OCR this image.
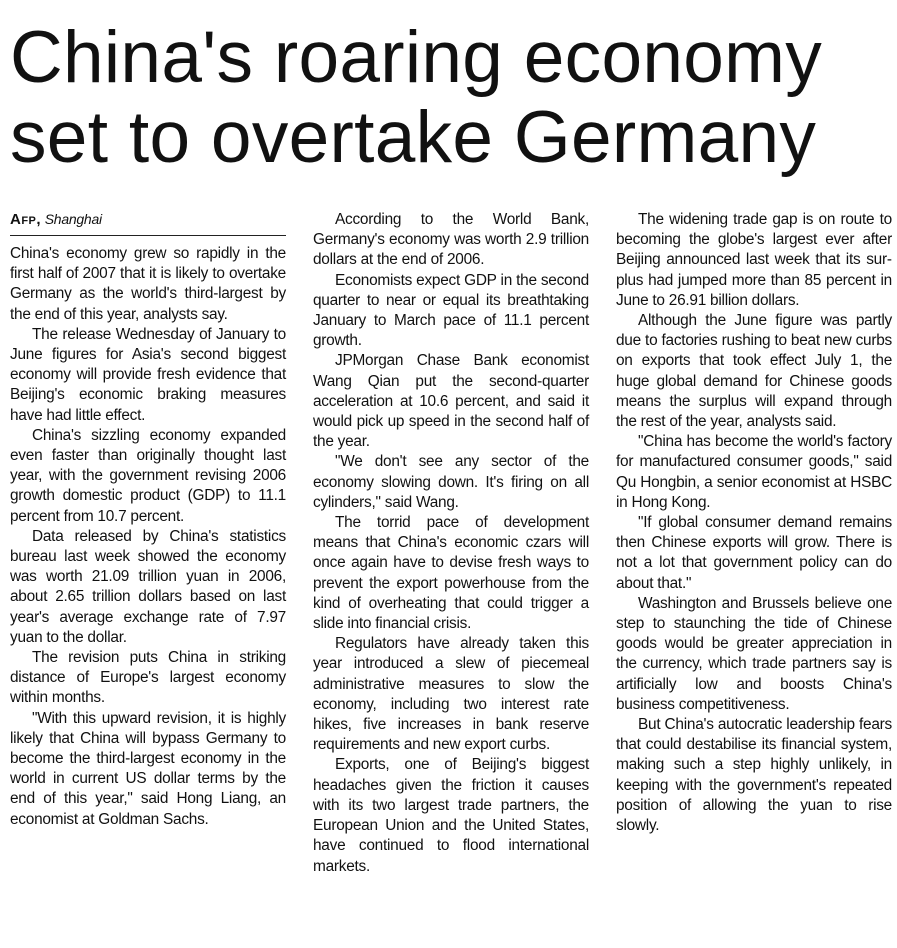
China's roaring economy
set to overtake Germany
Afp, Shanghai

China's economy grew so rapidly in the first half of 2007 that it is likely to overtake Germany as the world's third-largest by the end of this year, analysts say.

The release Wednesday of January to June figures for Asia's second biggest economy will provide fresh evidence that Beijing's economic braking measures have had little effect.

China's sizzling economy expanded even faster than originally thought last year, with the government revising 2006 growth domestic product (GDP) to 11.1 percent from 10.7 percent.

Data released by China's statistics bureau last week showed the economy was worth 21.09 trillion yuan in 2006, about 2.65 trillion dollars based on last year's average exchange rate of 7.97 yuan to the dollar.

The revision puts China in striking distance of Europe's largest economy within months.

"With this upward revision, it is highly likely that China will bypass Germany to become the third-largest economy in the world in current US dollar terms by the end of this year," said Hong Liang, an economist at Goldman Sachs.

According to the World Bank, Germany's economy was worth 2.9 trillion dollars at the end of 2006.

Economists expect GDP in the second quarter to near or equal its breathtaking January to March pace of 11.1 percent growth.

JPMorgan Chase Bank economist Wang Qian put the second-quarter acceleration at 10.6 percent, and said it would pick up speed in the second half of the year.

"We don't see any sector of the economy slowing down. It's firing on all cylinders," said Wang.

The torrid pace of development means that China's economic czars will once again have to devise fresh ways to prevent the export powerhouse from the kind of overheating that could trigger a slide into financial crisis.

Regulators have already taken this year introduced a slew of piecemeal administrative measures to slow the economy, including two interest rate hikes, five increases in bank reserve requirements and new export curbs.

Exports, one of Beijing's biggest headaches given the friction it causes with its two largest trade partners, the European Union and the United States, have continued to flood international markets.

The widening trade gap is on route to becoming the globe's largest ever after Beijing announced last week that its surplus had jumped more than 85 percent in June to 26.91 billion dollars.

Although the June figure was partly due to factories rushing to beat new curbs on exports that took effect July 1, the huge global demand for Chinese goods means the surplus will expand through the rest of the year, analysts said.

"China has become the world's factory for manufactured consumer goods," said Qu Hongbin, a senior economist at HSBC in Hong Kong.

"If global consumer demand remains then Chinese exports will grow. There is not a lot that government policy can do about that."

Washington and Brussels believe one step to staunching the tide of Chinese goods would be greater appreciation in the currency, which trade partners say is artificially low and boosts China's business competitiveness.

But China's autocratic leadership fears that could destabilise its financial system, making such a step highly unlikely, in keeping with the government's repeated position of allowing the yuan to rise slowly.
